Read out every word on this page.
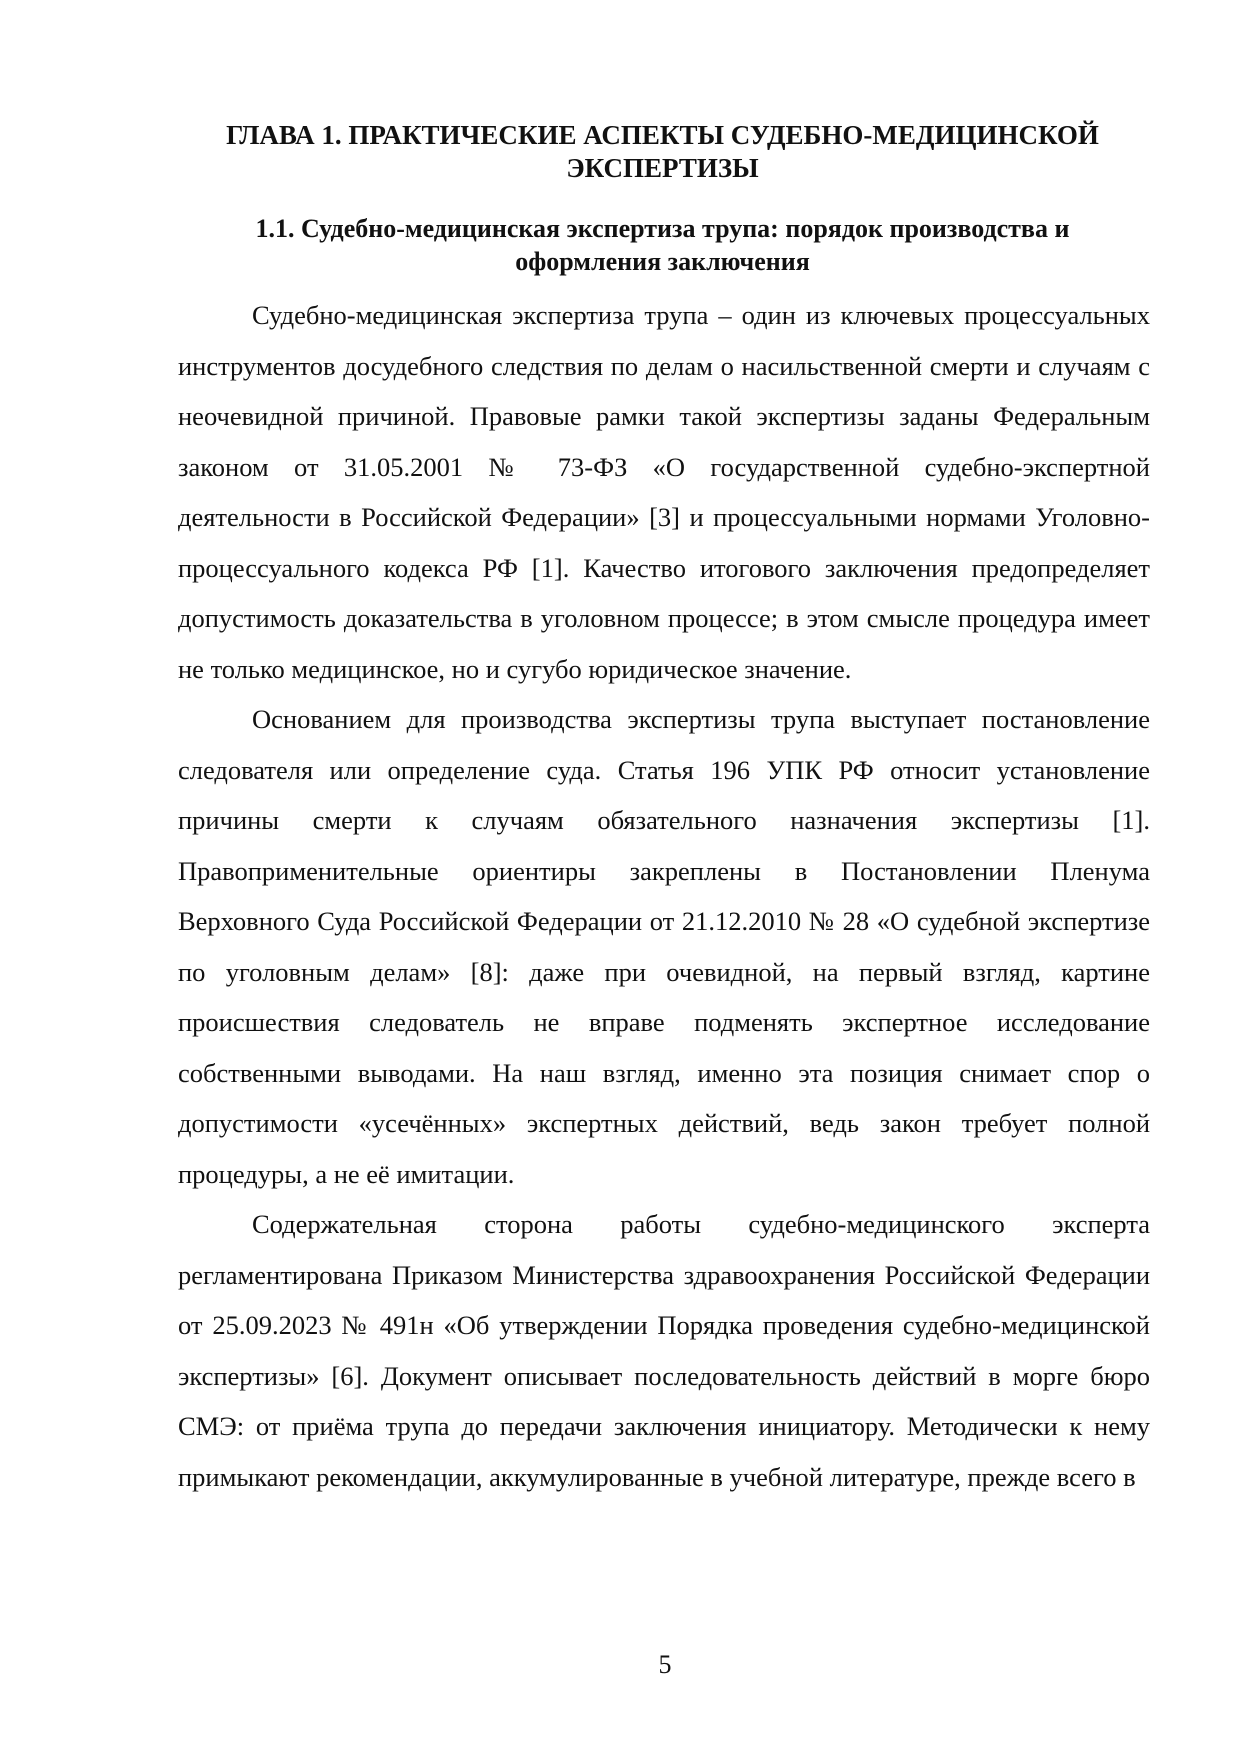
ГЛАВА 1. ПРАКТИЧЕСКИЕ АСПЕКТЫ СУДЕБНО-МЕДИЦИНСКОЙ ЭКСПЕРТИЗЫ
1.1. Судебно-медицинская экспертиза трупа: порядок производства и оформления заключения

Судебно-медицинская экспертиза трупа – один из ключевых процессуальных инструментов досудебного следствия по делам о насильственной смерти и случаям с неочевидной причиной. Правовые рамки такой экспертизы заданы Федеральным законом от 31.05.2001 № 73-ФЗ «О государственной судебно-экспертной деятельности в Российской Федерации» [3] и процессуальными нормами Уголовно-процессуального кодекса РФ [1]. Качество итогового заключения предопределяет допустимость доказательства в уголовном процессе; в этом смысле процедура имеет не только медицинское, но и сугубо юридическое значение.

Основанием для производства экспертизы трупа выступает постановление следователя или определение суда. Статья 196 УПК РФ относит установление причины смерти к случаям обязательного назначения экспертизы [1]. Правоприменительные ориентиры закреплены в Постановлении Пленума Верховного Суда Российской Федерации от 21.12.2010 № 28 «О судебной экспертизе по уголовным делам» [8]: даже при очевидной, на первый взгляд, картине происшествия следователь не вправе подменять экспертное исследование собственными выводами. На наш взгляд, именно эта позиция снимает спор о допустимости «усечённых» экспертных действий, ведь закон требует полной процедуры, а не её имитации.

Содержательная сторона работы судебно-медицинского эксперта регламентирована Приказом Министерства здравоохранения Российской Федерации от 25.09.2023 № 491н «Об утверждении Порядка проведения судебно-медицинской экспертизы» [6]. Документ описывает последовательность действий в морге бюро СМЭ: от приёма трупа до передачи заключения инициатору. Методически к нему примыкают рекомендации, аккумулированные в учебной литературе, прежде всего в

5
